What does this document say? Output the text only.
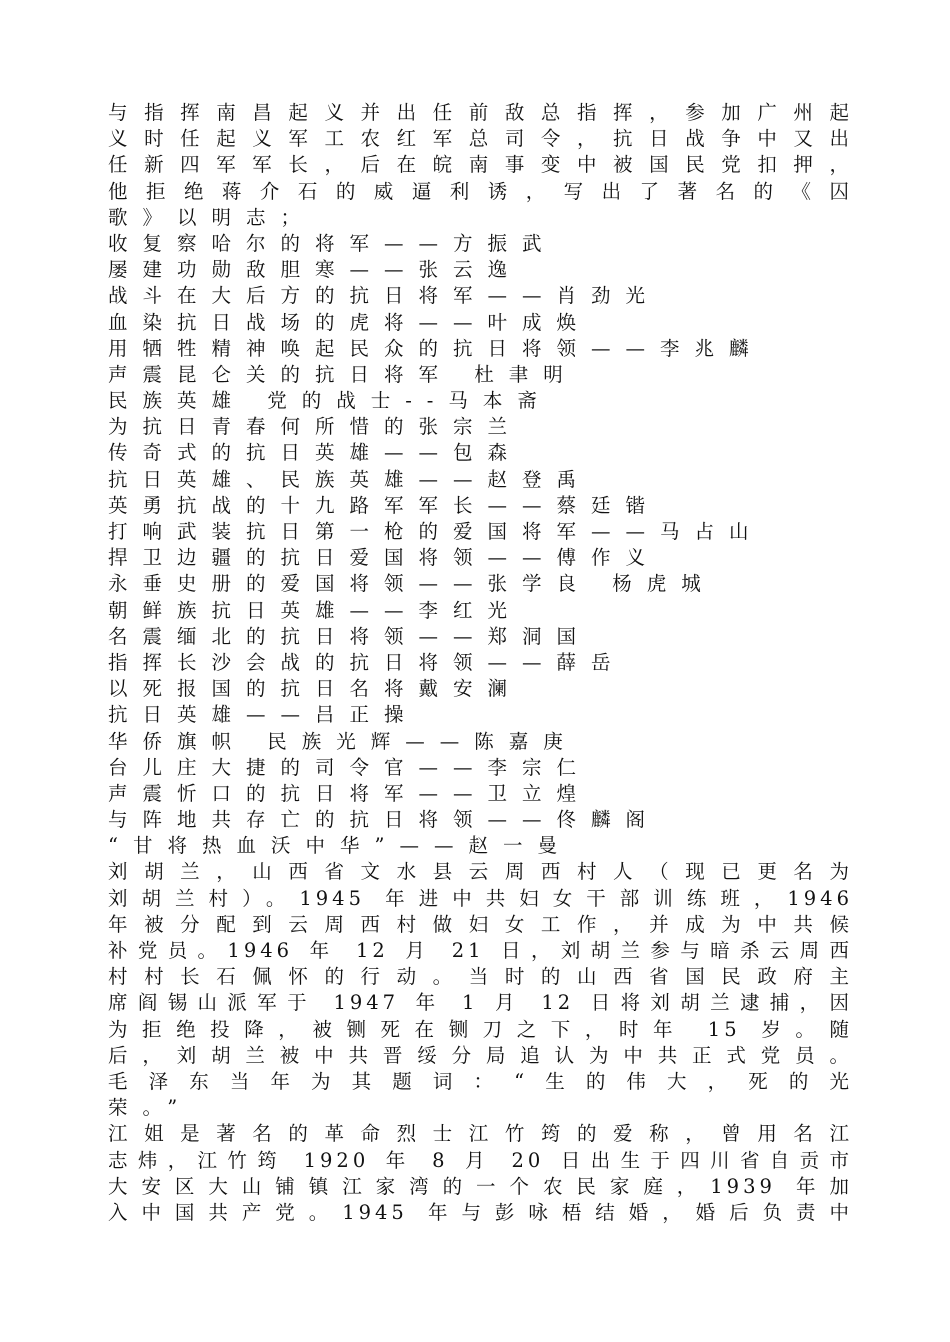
与指挥南昌起义并出任前敌总指挥，参加广州起
义时任起义军工农红军总司令，抗日战争中又出
任新四军军长，后在皖南事变中被国民党扣押，
他拒绝蒋介石的威逼利诱，写出了著名的《囚
歌》以明志；
收复察哈尔的将军——方振武
屡建功勋敌胆寒——张云逸
战斗在大后方的抗日将军——肖劲光
血染抗日战场的虎将——叶成焕
用牺牲精神唤起民众的抗日将领——李兆麟
声震昆仑关的抗日将军 杜聿明
民族英雄 党的战士--马本斋
为抗日青春何所惜的张宗兰
传奇式的抗日英雄——包森
抗日英雄、民族英雄——赵登禹
英勇抗战的十九路军军长——蔡廷锴
打响武装抗日第一枪的爱国将军——马占山
捍卫边疆的抗日爱国将领——傅作义
永垂史册的爱国将领——张学良 杨虎城
朝鲜族抗日英雄——李红光
名震缅北的抗日将领——郑洞国
指挥长沙会战的抗日将领——薛岳
以死报国的抗日名将戴安澜
抗日英雄——吕正操
华侨旗帜 民族光辉——陈嘉庚
台儿庄大捷的司令官——李宗仁
声震忻口的抗日将军——卫立煌
与阵地共存亡的抗日将领——佟麟阁
“甘将热血沃中华”——赵一曼
刘胡兰，山西省文水县云周西村人（现已更名为
刘胡兰村）。1945 年进中共妇女干部训练班，1946
年被分配到云周西村做妇女工作，并成为中共候
补党员。1946 年 12 月 21 日，刘胡兰参与暗杀云周西
村村长石佩怀的行动。当时的山西省国民政府主
席阎锡山派军于 1947 年 1 月 12 日将刘胡兰逮捕，因
为拒绝投降，被铡死在铡刀之下，时年 15 岁。随
后，刘胡兰被中共晋绥分局追认为中共正式党员。
毛泽东当年为其题词：“生的伟大，死的光
荣。”
江姐是著名的革命烈士江竹筠的爱称，曾用名江
志炜，江竹筠 1920 年 8 月 20 日出生于四川省自贡市
大安区大山铺镇江家湾的一个农民家庭，1939 年加
入中国共产党。1945 年与彭咏梧结婚，婚后负责中
